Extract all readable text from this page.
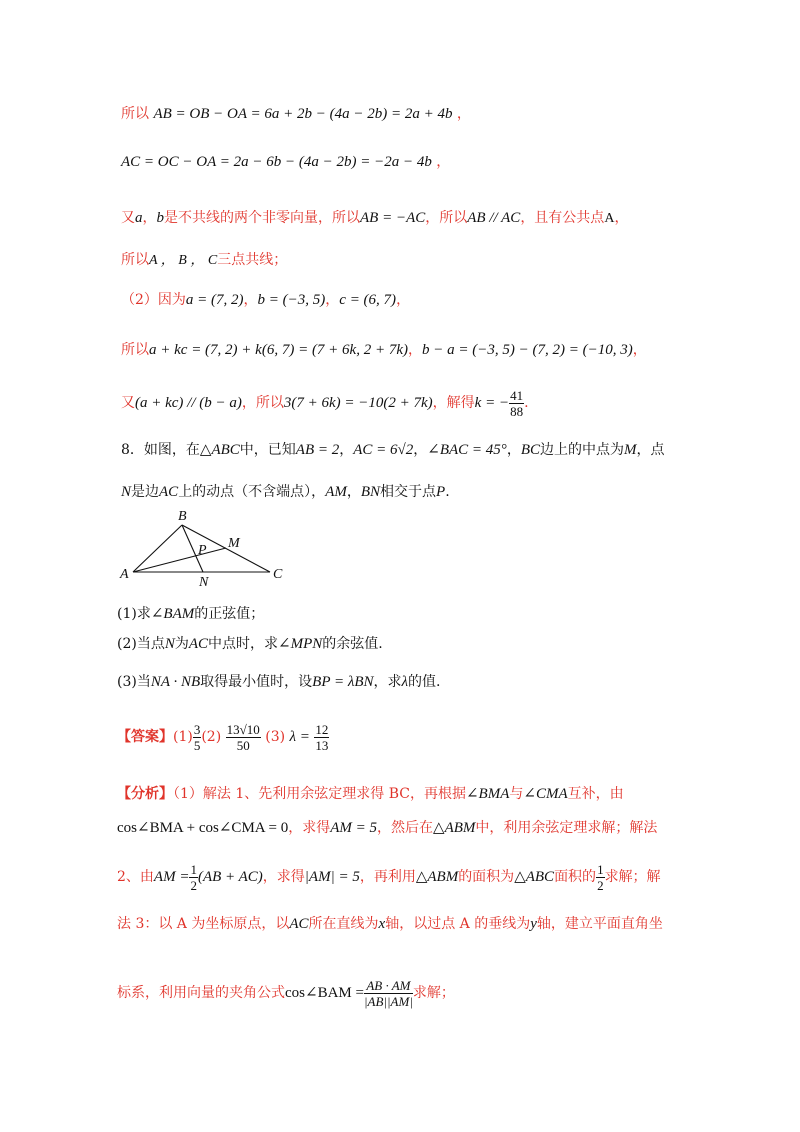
所以 AB = OB − OA = 6a + 2b − (4a − 2b) = 2a + 4b ，
AC = OC − OA = 2a − 6b − (4a − 2b) = −2a − 4b ，
又a，b是不共线的两个非零向量，所以AB = −AC，所以AB // AC，且有公共点A，
所以A ， B ， C三点共线；
（2）因为a = (7, 2)，b = (−3, 5)，c = (6, 7)，
所以a + kc = (7, 2) + k(6, 7) = (7 + 6k, 2 + 7k)，b − a = (−3, 5) − (7, 2) = (−10, 3)，
又(a + kc) // (b − a)，所以3(7 + 6k) = −10(2 + 7k)，解得k = − $\frac{41}{88}$ .
8．如图，在△ABC中，已知AB = 2，AC = 6√2，∠BAC = 45°，BC边上的中点为M，点
N是边AC上的动点（不含端点），AM，BN相交于点P.
A
B
C
M
N
P
(1)求∠BAM的正弦值；
(2)当点N为AC中点时，求∠MPN的余弦值.
(3)当NA · NB取得最小值时，设BP = λBN，求λ的值.
【答案】$(1) \frac{3}{5} (2) \frac{13√10}{50} (3) \lambda = \frac{12}{13}$
【分析】（1）解法 1、先利用余弦定理求得 BC，再根据∠BMA与∠CMA互补，由
cos∠BMA + cos∠CMA = 0，求得AM = 5，然后在△ABM中，利用余弦定理求解；解法
2、由AM = $\frac{1}{2} (AB + AC)$，求得|AM| = 5，再利用△ABM的面积为△ABC面积的 $\frac{1}{2}$ 求解；解
法 3：以 A 为坐标原点，以AC所在直线为x轴，以过点 A 的垂线为y轴，建立平面直角坐
标系，利用向量的夹角公式cos∠BAM = $\frac{AB \cdot AM}{|AB||AM|}$ 求解；
